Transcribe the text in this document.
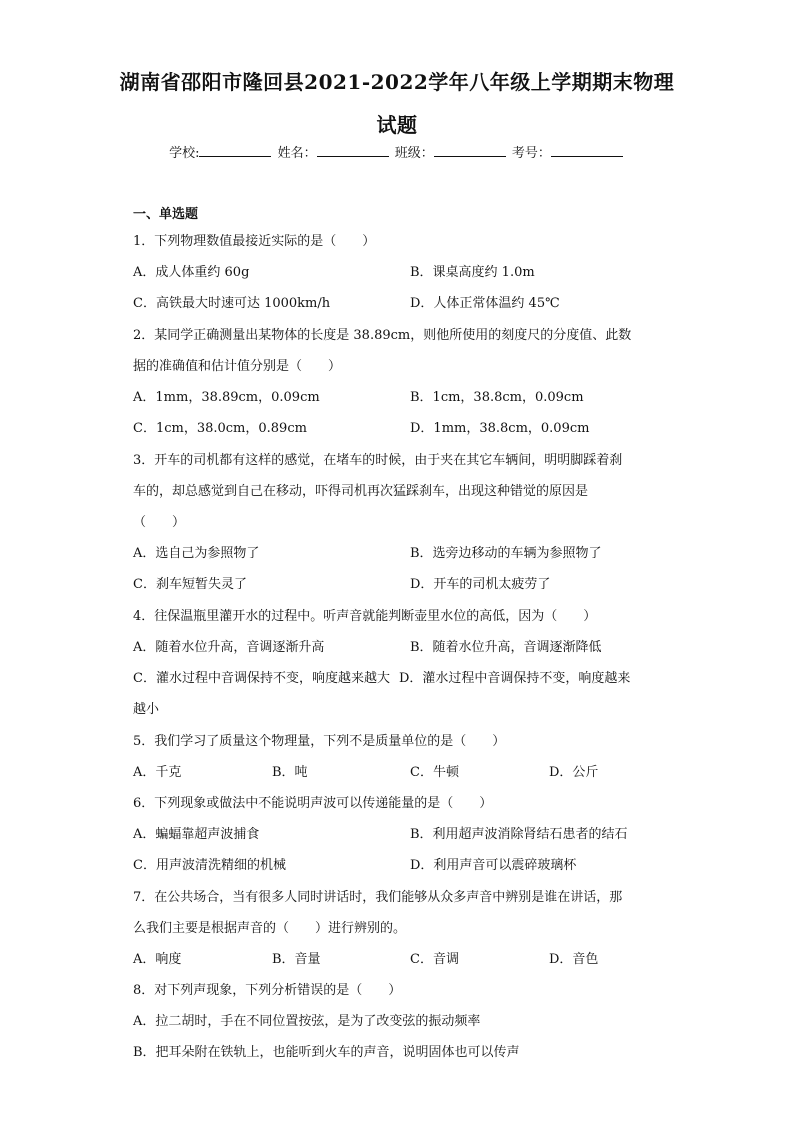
湖南省邵阳市隆回县2021-2022学年八年级上学期期末物理
试题
学校:	姓名：	班级：	考号：
一、单选题
1．下列物理数值最接近实际的是（　　）
A．成人体重约 60g	B．课桌高度约 1.0m
C．高铁最大时速可达 1000km/h	D．人体正常体温约 45℃
2．某同学正确测量出某物体的长度是 38.89cm，则他所使用的刻度尺的分度值、此数
据的准确值和估计值分别是（　　）
A．1mm，38.89cm，0.09cm	B．1cm，38.8cm，0.09cm
C．1cm，38.0cm，0.89cm	D．1mm，38.8cm，0.09cm
3．开车的司机都有这样的感觉，在堵车的时候，由于夹在其它车辆间，明明脚踩着刹
车的，却总感觉到自己在移动，吓得司机再次猛踩刹车，出现这种错觉的原因是
（　　）
A．选自己为参照物了	B．选旁边移动的车辆为参照物了
C．刹车短暂失灵了	D．开车的司机太疲劳了
4．往保温瓶里灌开水的过程中。听声音就能判断壶里水位的高低，因为（　　）
A．随着水位升高，音调逐渐升高	B．随着水位升高，音调逐渐降低
C．灌水过程中音调保持不变，响度越来越大 D．灌水过程中音调保持不变，响度越来
越小
5．我们学习了质量这个物理量，下列不是质量单位的是（　　）
A．千克	B．吨	C．牛顿	D．公斤
6．下列现象或做法中不能说明声波可以传递能量的是（　　）
A．蝙蝠靠超声波捕食	B．利用超声波消除肾结石患者的结石
C．用声波清洗精细的机械	D．利用声音可以震碎玻璃杯
7．在公共场合，当有很多人同时讲话时，我们能够从众多声音中辨别是谁在讲话，那
么我们主要是根据声音的（　　）进行辨别的。
A．响度	B．音量	C．音调	D．音色
8．对下列声现象，下列分析错误的是（　　）
A．拉二胡时，手在不同位置按弦，是为了改变弦的振动频率
B．把耳朵附在铁轨上，也能听到火车的声音，说明固体也可以传声
